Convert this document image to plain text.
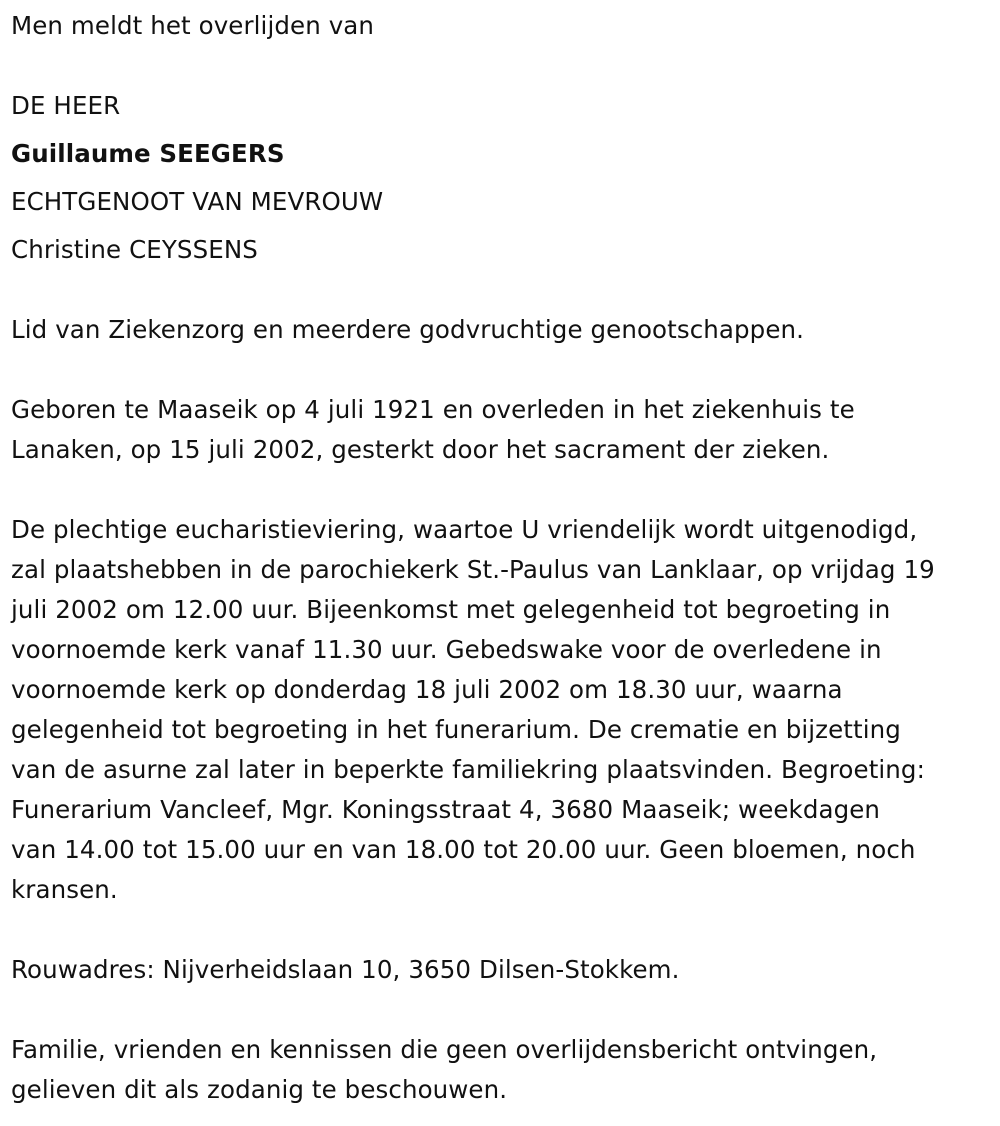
Men meldt het overlijden van
DE HEER
Guillaume SEEGERS
ECHTGENOOT VAN MEVROUW
Christine CEYSSENS
Lid van Ziekenzorg en meerdere godvruchtige genootschappen.
Geboren te Maaseik op 4 juli 1921 en overleden in het ziekenhuis te
Lanaken, op 15 juli 2002, gesterkt door het sacrament der zieken.
De plechtige eucharistieviering, waartoe U vriendelijk wordt uitgenodigd,
zal plaatshebben in de parochiekerk St.-Paulus van Lanklaar, op vrijdag 19
juli 2002 om 12.00 uur. Bijeenkomst met gelegenheid tot begroeting in
voornoemde kerk vanaf 11.30 uur. Gebedswake voor de overledene in
voornoemde kerk op donderdag 18 juli 2002 om 18.30 uur, waarna
gelegenheid tot begroeting in het funerarium. De crematie en bijzetting
van de asurne zal later in beperkte familiekring plaatsvinden. Begroeting:
Funerarium Vancleef, Mgr. Koningsstraat 4, 3680 Maaseik; weekdagen
van 14.00 tot 15.00 uur en van 18.00 tot 20.00 uur. Geen bloemen, noch
kransen.
Rouwadres: Nijverheidslaan 10, 3650 Dilsen-Stokkem.
Familie, vrienden en kennissen die geen overlijdensbericht ontvingen,
gelieven dit als zodanig te beschouwen.
